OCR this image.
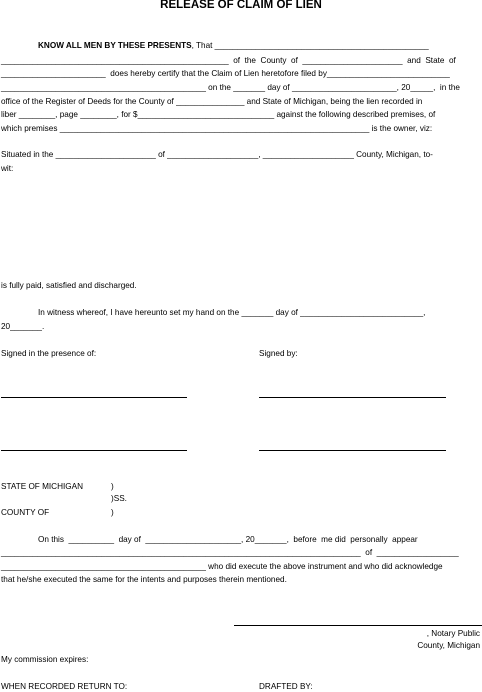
RELEASE OF CLAIM OF LIEN
KNOW ALL MEN BY THESE PRESENTS, That _______________________________________________
__________________________________________________  of  the  County  of  ______________________  and  State  of
_______________________  does hereby certify that the Claim of Lien heretofore filed by___________________________
_____________________________________________ on the _______ day of _______________________, 20_____,  in the
office of the Register of Deeds for the County of _______________ and State of Michigan, being the lien recorded in
liber ________, page ________, for $______________________________ against the following described premises, of
which premises ____________________________________________________________________ is the owner, viz:
Situated in the ______________________ of ____________________, ____________________ County, Michigan, to-
wit:
is fully paid, satisfied and discharged.
In witness whereof, I have hereunto set my hand on the _______ day of ___________________________,
20_______.
Signed in the presence of:	Signed by:
STATE OF MICHIGAN	)
)SS.
COUNTY OF	)
On this  __________  day of  _____________________, 20_______,  before  me did  personally  appear
_______________________________________________________________________________  of  __________________
_____________________________________________ who did execute the above instrument and who did acknowledge
that he/she executed the same for the intents and purposes therein mentioned.
, Notary Public
County, Michigan
My commission expires:
WHEN RECORDED RETURN TO:	DRAFTED BY:
